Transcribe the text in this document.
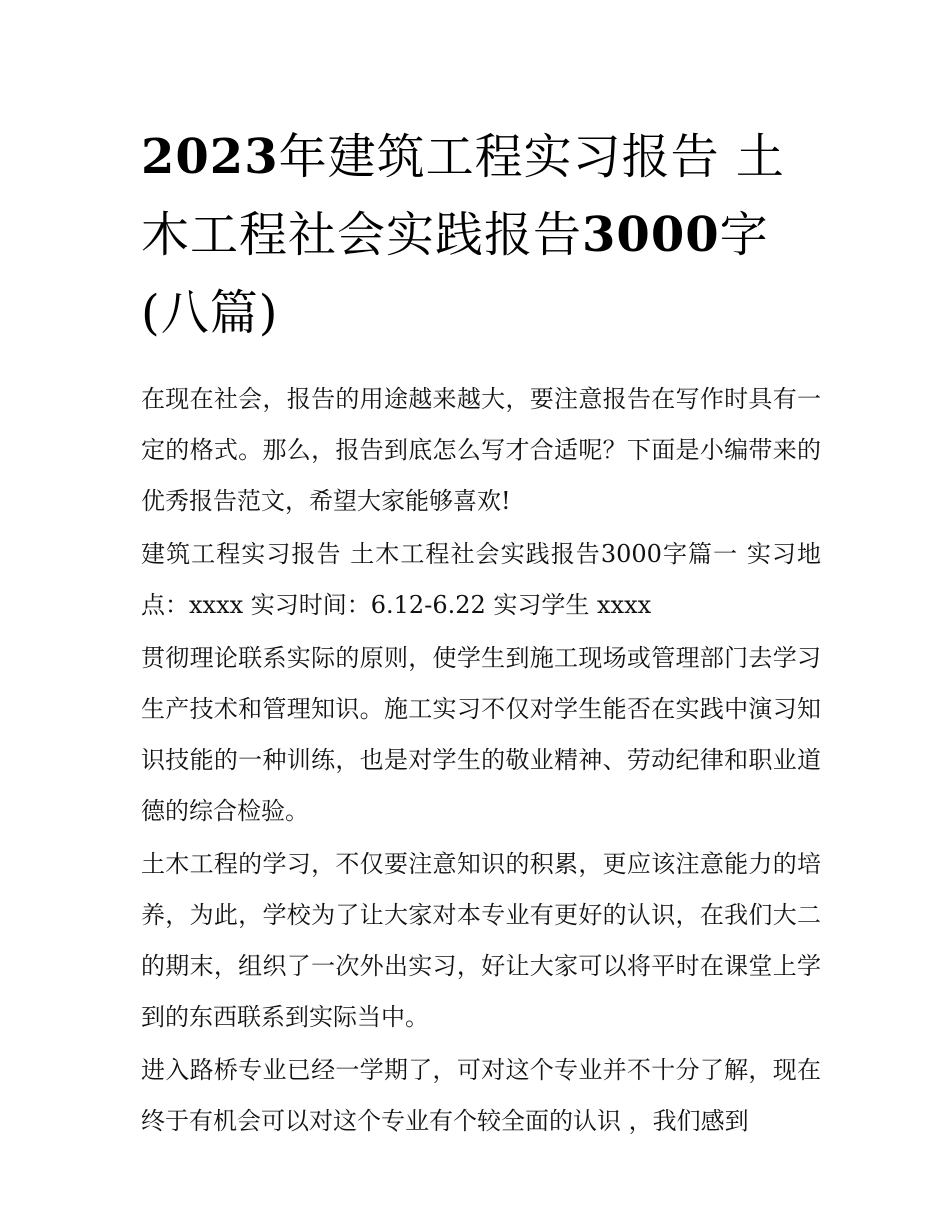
2023年建筑工程实习报告 土木工程社会实践报告3000字(八篇)

在现在社会，报告的用途越来越大，要注意报告在写作时具有一定的格式。那么，报告到底怎么写才合适呢？下面是小编带来的优秀报告范文，希望大家能够喜欢!

建筑工程实习报告 土木工程社会实践报告3000字篇一 实习地点：xxxx 实习时间：6.12-6.22 实习学生 xxxx

贯彻理论联系实际的原则，使学生到施工现场或管理部门去学习生产技术和管理知识。施工实习不仅对学生能否在实践中演习知识技能的一种训练，也是对学生的敬业精神、劳动纪律和职业道德的综合检验。

土木工程的学习，不仅要注意知识的积累，更应该注意能力的培养，为此，学校为了让大家对本专业有更好的认识，在我们大二的期末，组织了一次外出实习，好让大家可以将平时在课堂上学到的东西联系到实际当中。

进入路桥专业已经一学期了，可对这个专业并不十分了解，现在终于有机会可以对这个专业有个较全面的认识 ，我们感到
